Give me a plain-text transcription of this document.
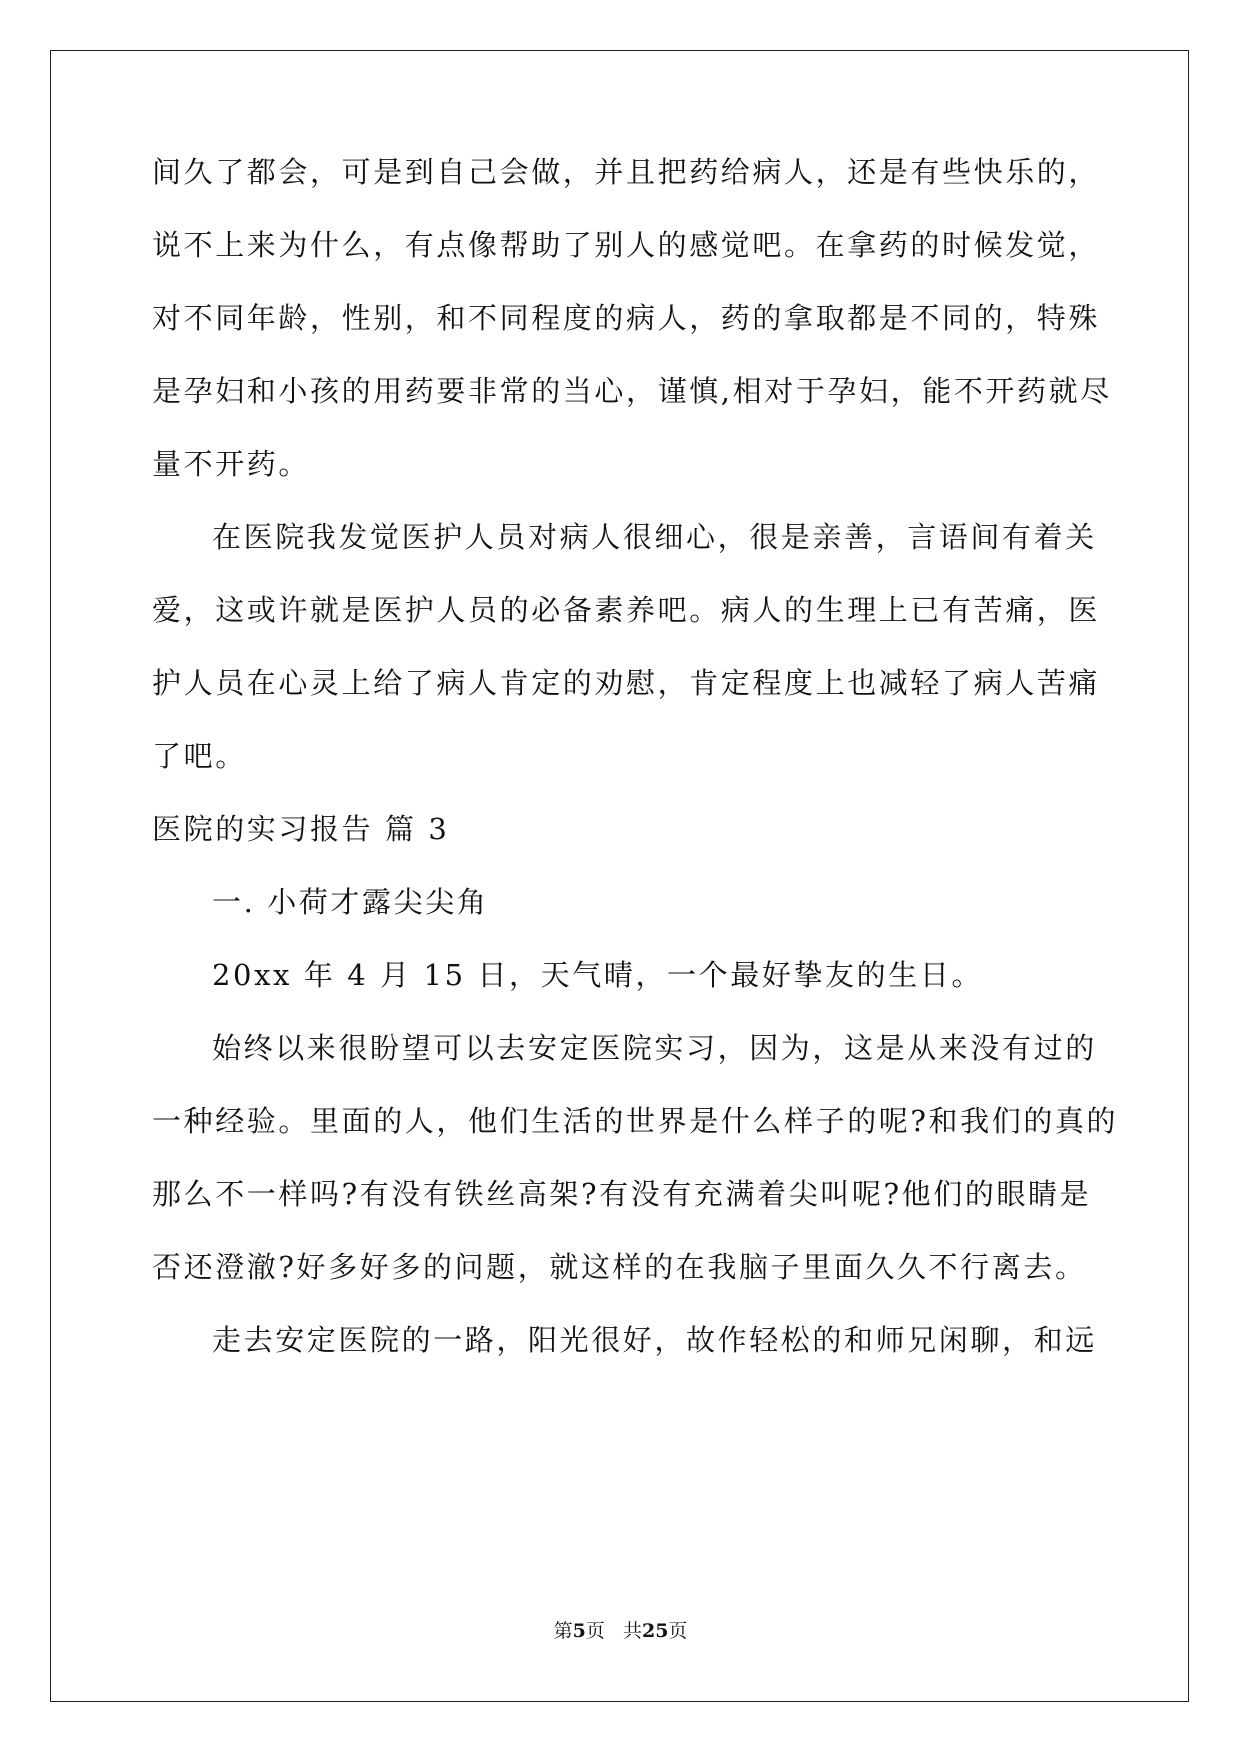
间久了都会，可是到自己会做，并且把药给病人，还是有些快乐的，
说不上来为什么，有点像帮助了别人的感觉吧。在拿药的时候发觉，
对不同年龄，性别，和不同程度的病人，药的拿取都是不同的，特殊
是孕妇和小孩的用药要非常的当心，谨慎,相对于孕妇，能不开药就尽
量不开药。
在医院我发觉医护人员对病人很细心，很是亲善，言语间有着关
爱，这或许就是医护人员的必备素养吧。病人的生理上已有苦痛，医
护人员在心灵上给了病人肯定的劝慰，肯定程度上也减轻了病人苦痛
了吧。
医院的实习报告 篇 3
一. 小荷才露尖尖角
20xx 年 4 月 15 日，天气晴，一个最好挚友的生日。
始终以来很盼望可以去安定医院实习，因为，这是从来没有过的
一种经验。里面的人，他们生活的世界是什么样子的呢?和我们的真的
那么不一样吗?有没有铁丝高架?有没有充满着尖叫呢?他们的眼睛是
否还澄澈?好多好多的问题，就这样的在我脑子里面久久不行离去。
走去安定医院的一路，阳光很好，故作轻松的和师兄闲聊，和远
第5页 共25页
